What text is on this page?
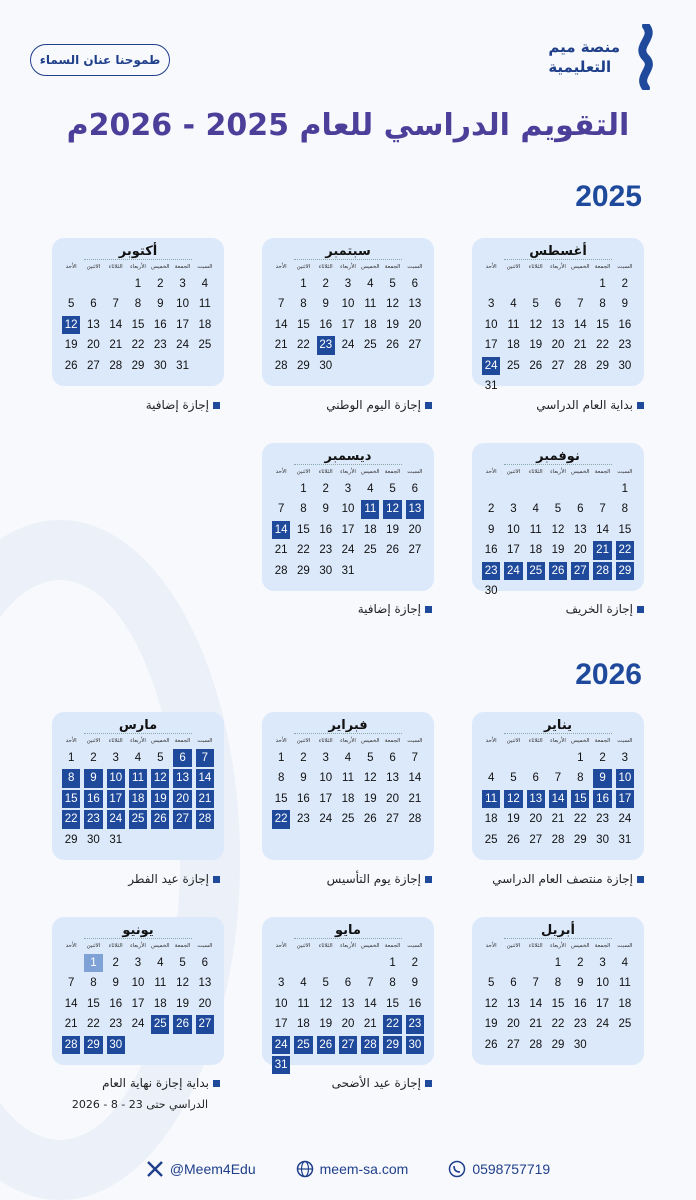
طموحنا عنان السماء
منصة ميم
التعليمية
التقويم الدراسي للعام 2025 - 2026م
2025
2026
أغسطس
السبت
الجمعة
الخميس
الأربعاء
الثلاثاء
الاثنين
الأحد
2
1
9
8
7
6
5
4
3
16
15
14
13
12
11
10
23
22
21
20
19
18
17
30
29
28
27
26
25
24
31
سبتمبر
السبت
الجمعة
الخميس
الأربعاء
الثلاثاء
الاثنين
الأحد
6
5
4
3
2
1
13
12
11
10
9
8
7
20
19
18
17
16
15
14
27
26
25
24
23
22
21
30
29
28
أكتوبر
السبت
الجمعة
الخميس
الأربعاء
الثلاثاء
الاثنين
الأحد
4
3
2
1
11
10
9
8
7
6
5
18
17
16
15
14
13
12
25
24
23
22
21
20
19
31
30
29
28
27
26
نوفمبر
السبت
الجمعة
الخميس
الأربعاء
الثلاثاء
الاثنين
الأحد
1
8
7
6
5
4
3
2
15
14
13
12
11
10
9
22
21
20
19
18
17
16
29
28
27
26
25
24
23
30
ديسمبر
السبت
الجمعة
الخميس
الأربعاء
الثلاثاء
الاثنين
الأحد
6
5
4
3
2
1
13
12
11
10
9
8
7
20
19
18
17
16
15
14
27
26
25
24
23
22
21
31
30
29
28
يناير
السبت
الجمعة
الخميس
الأربعاء
الثلاثاء
الاثنين
الأحد
3
2
1
10
9
8
7
6
5
4
17
16
15
14
13
12
11
24
23
22
21
20
19
18
31
30
29
28
27
26
25
فبراير
السبت
الجمعة
الخميس
الأربعاء
الثلاثاء
الاثنين
الأحد
7
6
5
4
3
2
1
14
13
12
11
10
9
8
21
20
19
18
17
16
15
28
27
26
25
24
23
22
مارس
السبت
الجمعة
الخميس
الأربعاء
الثلاثاء
الاثنين
الأحد
7
6
5
4
3
2
1
14
13
12
11
10
9
8
21
20
19
18
17
16
15
28
27
26
25
24
23
22
31
30
29
أبريل
السبت
الجمعة
الخميس
الأربعاء
الثلاثاء
الاثنين
الأحد
4
3
2
1
11
10
9
8
7
6
5
18
17
16
15
14
13
12
25
24
23
22
21
20
19
30
29
28
27
26
مايو
السبت
الجمعة
الخميس
الأربعاء
الثلاثاء
الاثنين
الأحد
2
1
9
8
7
6
5
4
3
16
15
14
13
12
11
10
23
22
21
20
19
18
17
30
29
28
27
26
25
24
31
يونيو
السبت
الجمعة
الخميس
الأربعاء
الثلاثاء
الاثنين
الأحد
6
5
4
3
2
1
13
12
11
10
9
8
7
20
19
18
17
16
15
14
27
26
25
24
23
22
21
30
29
28
بداية العام الدراسي
إجازة اليوم الوطني
إجازة إضافية
إجازة الخريف
إجازة إضافية
إجازة منتصف العام الدراسي
إجازة يوم التأسيس
إجازة عيد الفطر
إجازة عيد الأضحى
بداية إجازة نهاية العام
الدراسي حتى 23 - 8 - 2026
@Meem4Edu	meem-sa.com	0598757719
